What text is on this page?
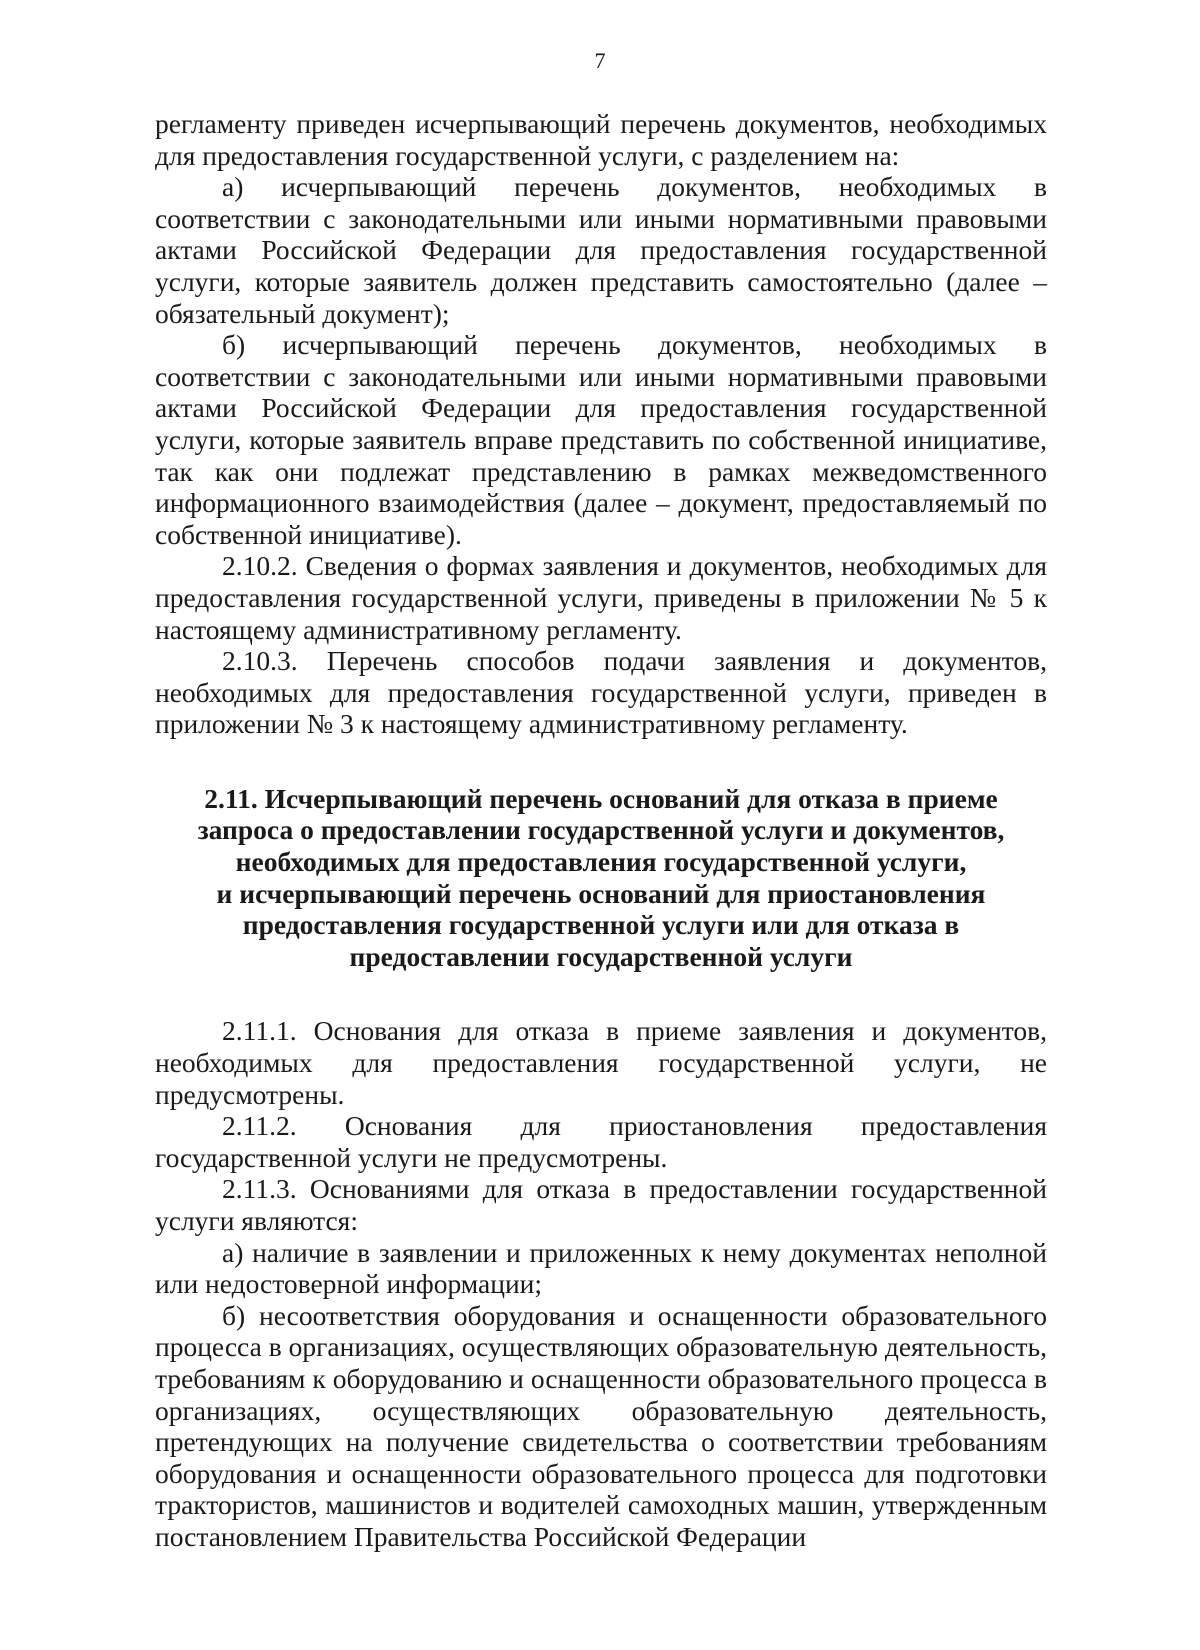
7

регламенту приведен исчерпывающий перечень документов, необходимых для предоставления государственной услуги, с разделением на:

а) исчерпывающий перечень документов, необходимых в соответствии с законодательными или иными нормативными правовыми актами Российской Федерации для предоставления государственной услуги, которые заявитель должен представить самостоятельно (далее – обязательный документ);

б) исчерпывающий перечень документов, необходимых в соответствии с законодательными или иными нормативными правовыми актами Российской Федерации для предоставления государственной услуги, которые заявитель вправе представить по собственной инициативе, так как они подлежат представлению в рамках межведомственного информационного взаимодействия (далее – документ, предоставляемый по собственной инициативе).

2.10.2. Сведения о формах заявления и документов, необходимых для предоставления государственной услуги, приведены в приложении № 5 к настоящему административному регламенту.

2.10.3. Перечень способов подачи заявления и документов, необходимых для предоставления государственной услуги, приведен в приложении № 3 к настоящему административному регламенту.

2.11. Исчерпывающий перечень оснований для отказа в приеме
запроса о предоставлении государственной услуги и документов,
необходимых для предоставления государственной услуги,
и исчерпывающий перечень оснований для приостановления
предоставления государственной услуги или для отказа в
предоставлении государственной услуги

2.11.1. Основания для отказа в приеме заявления и документов, необходимых для предоставления государственной услуги, не предусмотрены.

2.11.2. Основания для приостановления предоставления государственной услуги не предусмотрены.

2.11.3. Основаниями для отказа в предоставлении государственной услуги являются:

а) наличие в заявлении и приложенных к нему документах неполной или недостоверной информации;

б) несоответствия оборудования и оснащенности образовательного процесса в организациях, осуществляющих образовательную деятельность, требованиям к оборудованию и оснащенности образовательного процесса в организациях, осуществляющих образовательную деятельность, претендующих на получение свидетельства о соответствии требованиям оборудования и оснащенности образовательного процесса для подготовки трактористов, машинистов и водителей самоходных машин, утвержденным постановлением Правительства Российской Федерации
